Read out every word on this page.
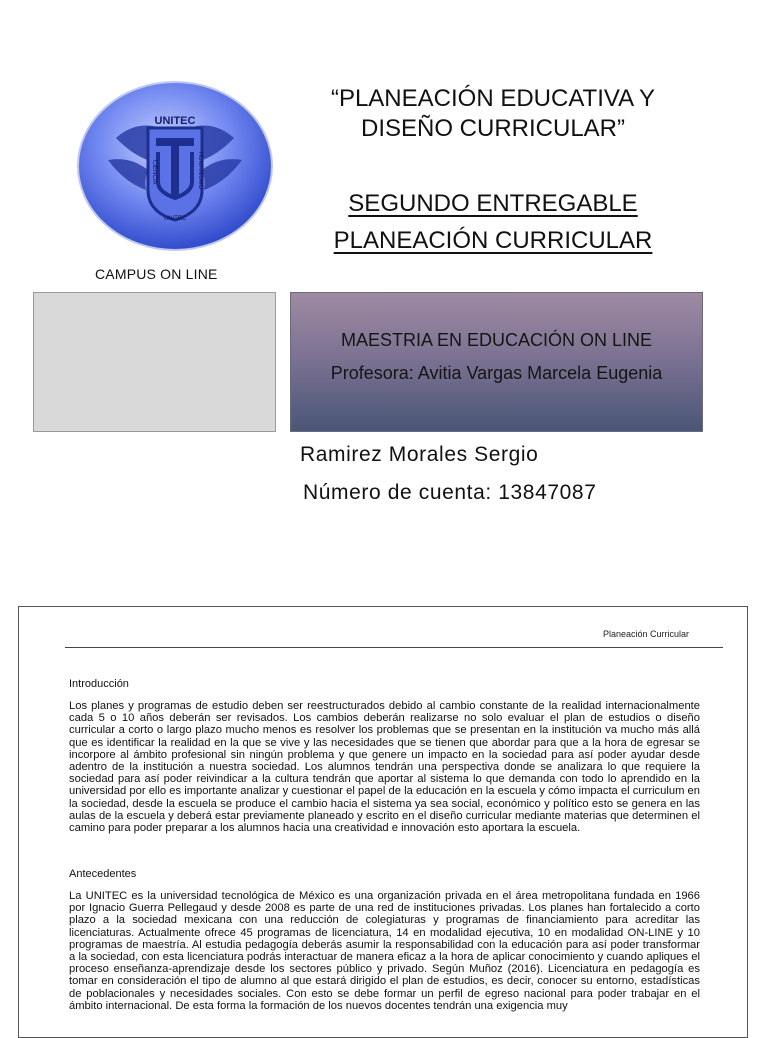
UNITEC
CIENCIA	HUMANISMO
UNITEC
CAMPUS ON LINE
“PLANEACIÓN EDUCATIVA Y
DISEÑO CURRICULAR”
SEGUNDO ENTREGABLE
PLANEACIÓN CURRICULAR
MAESTRIA EN EDUCACIÓN ON LINE
Profesora: Avitia Vargas Marcela Eugenia
Ramirez Morales Sergio
Número de cuenta: 13847087
Planeación Curricular
Introducción
Los planes y programas de estudio deben ser reestructurados debido al cambio constante de la realidad internacionalmente cada 5 o 10 años deberán ser revisados. Los cambios deberán realizarse no solo evaluar el plan de estudios o diseño curricular a corto o largo plazo mucho menos es resolver los problemas que se presentan en la institución va mucho más allá que es identificar la realidad en la que se vive y las necesidades que se tienen que abordar para que a la hora de egresar se incorpore al ámbito profesional sin ningún problema y que genere un impacto en la sociedad para así poder ayudar desde adentro de la institución a nuestra sociedad. Los alumnos tendrán una perspectiva donde se analizara lo que requiere la sociedad para así poder reivindicar a la cultura tendrán que aportar al sistema lo que demanda con todo lo aprendido en la universidad por ello es importante analizar y cuestionar el papel de la educación en la escuela y cómo impacta el curriculum en la sociedad, desde la escuela se produce el cambio hacia el sistema ya sea social, económico y político esto se genera en las aulas de la escuela y deberá estar previamente planeado y escrito en el diseño curricular mediante materias que determinen el camino para poder preparar a los alumnos hacia una creatividad e innovación esto aportara la escuela.
Antecedentes
La UNITEC es la universidad tecnológica de México es una organización privada en el área metropolitana fundada en 1966 por Ignacio Guerra Pellegaud y desde 2008 es parte de una red de instituciones privadas. Los planes han fortalecido a corto plazo a la sociedad mexicana con una reducción de colegiaturas y programas de financiamiento para acreditar las licenciaturas. Actualmente ofrece 45 programas de licenciatura, 14 en modalidad ejecutiva, 10 en modalidad ON-LINE y 10 programas de maestría. Al estudia pedagogía deberás asumir la responsabilidad con la educación para así poder transformar a la sociedad, con esta licenciatura podrás interactuar de manera eficaz a la hora de aplicar conocimiento y cuando apliques el proceso enseñanza-aprendizaje desde los sectores público y privado. Según Muñoz (2016). Licenciatura en pedagogía es tomar en consideración el tipo de alumno al que estará dirigido el plan de estudios, es decir, conocer su entorno, estadísticas de poblacionales y necesidades sociales. Con esto se debe formar un perfil de egreso nacional para poder trabajar en el ámbito internacional. De esta forma la formación de los nuevos docentes tendrán una exigencia muy
